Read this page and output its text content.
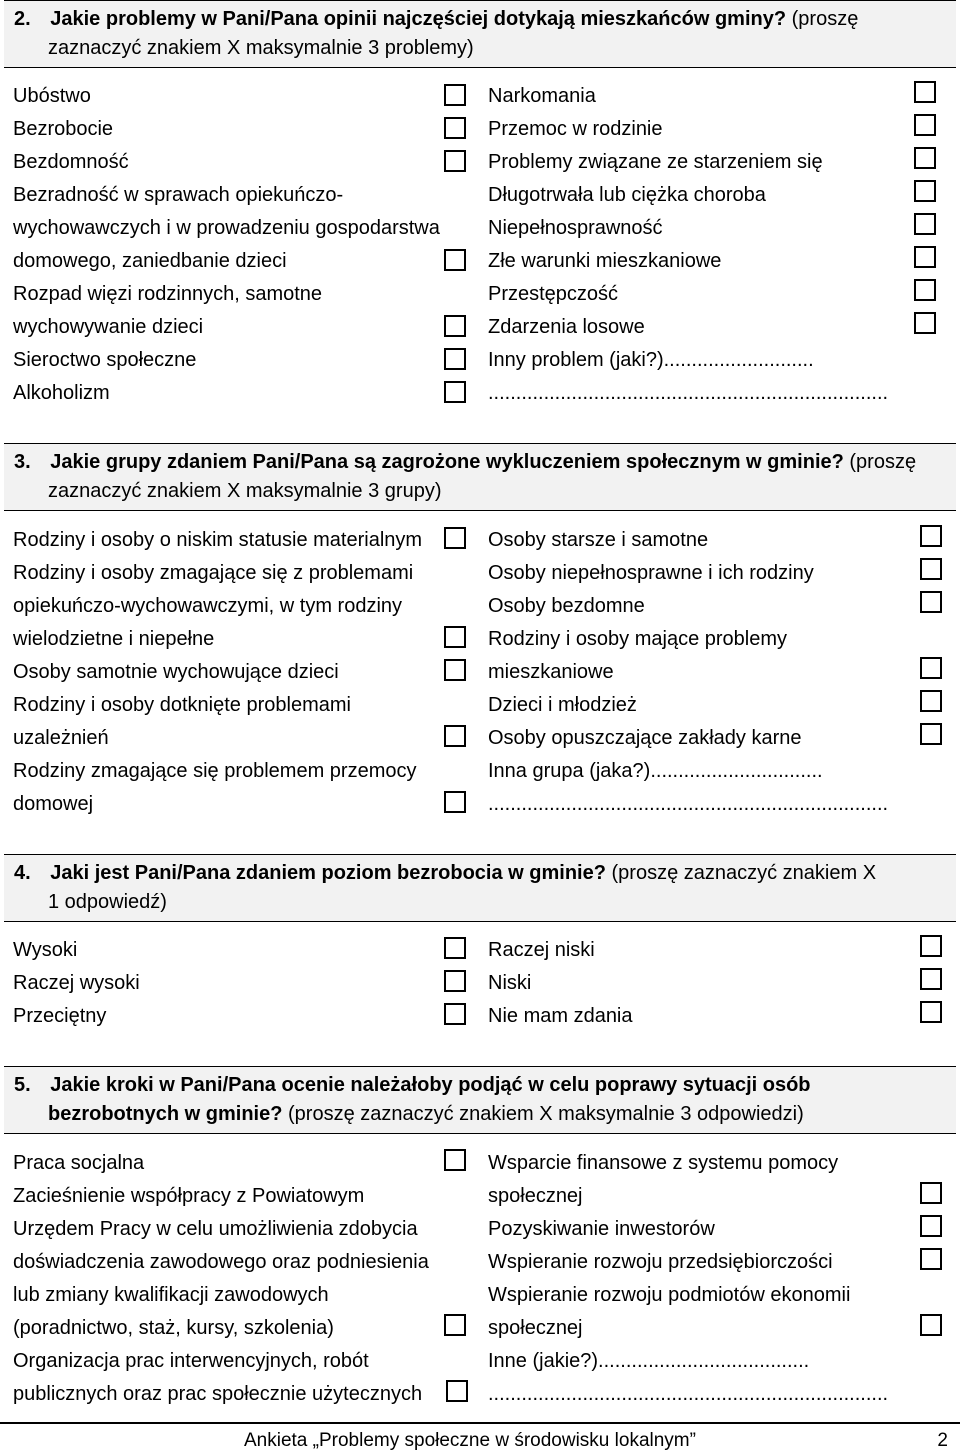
2. Jakie problemy w Pani/Pana opinii najczęściej dotykają mieszkańców gminy? (proszę
zaznaczyć znakiem X maksymalnie 3 problemy)
Ubóstwo
Bezrobocie
Bezdomność
Bezradność w sprawach opiekuńczo-
wychowawczych i w prowadzeniu gospodarstwa
domowego, zaniedbanie dzieci
Rozpad więzi rodzinnych, samotne
wychowywanie dzieci
Sieroctwo społeczne
Alkoholizm
Narkomania
Przemoc w rodzinie
Problemy związane ze starzeniem się
Długotrwała lub ciężka choroba
Niepełnosprawność
Złe warunki mieszkaniowe
Przestępczość
Zdarzenia losowe
Inny problem (jaki?)...........................
........................................................................
3. Jakie grupy zdaniem Pani/Pana są zagrożone wykluczeniem społecznym w gminie? (proszę
zaznaczyć znakiem X maksymalnie 3 grupy)
Rodziny i osoby o niskim statusie materialnym
Rodziny i osoby zmagające się z problemami
opiekuńczo-wychowawczymi, w tym rodziny
wielodzietne i niepełne
Osoby samotnie wychowujące dzieci
Rodziny i osoby dotknięte problemami
uzależnień
Rodziny zmagające się problemem przemocy
domowej
Osoby starsze i samotne
Osoby niepełnosprawne i ich rodziny
Osoby bezdomne
Rodziny i osoby mające problemy
mieszkaniowe
Dzieci i młodzież
Osoby opuszczające zakłady karne
Inna grupa (jaka?)...............................
........................................................................
4. Jaki jest Pani/Pana zdaniem poziom bezrobocia w gminie? (proszę zaznaczyć znakiem X
1 odpowiedź)
Wysoki
Raczej wysoki
Przeciętny
Raczej niski
Niski
Nie mam zdania
5. Jakie kroki w Pani/Pana ocenie należałoby podjąć w celu poprawy sytuacji osób
bezrobotnych w gminie? (proszę zaznaczyć znakiem X maksymalnie 3 odpowiedzi)
Praca socjalna
Zacieśnienie współpracy z Powiatowym
Urzędem Pracy w celu umożliwienia zdobycia
doświadczenia zawodowego oraz podniesienia
lub zmiany kwalifikacji zawodowych
(poradnictwo, staż, kursy, szkolenia)
Organizacja prac interwencyjnych, robót
publicznych oraz prac społecznie użytecznych
Wsparcie finansowe z systemu pomocy
społecznej
Pozyskiwanie inwestorów
Wspieranie rozwoju przedsiębiorczości
Wspieranie rozwoju podmiotów ekonomii
społecznej
Inne (jakie?)......................................
........................................................................
Ankieta „Problemy społeczne w środowisku lokalnym”	2
